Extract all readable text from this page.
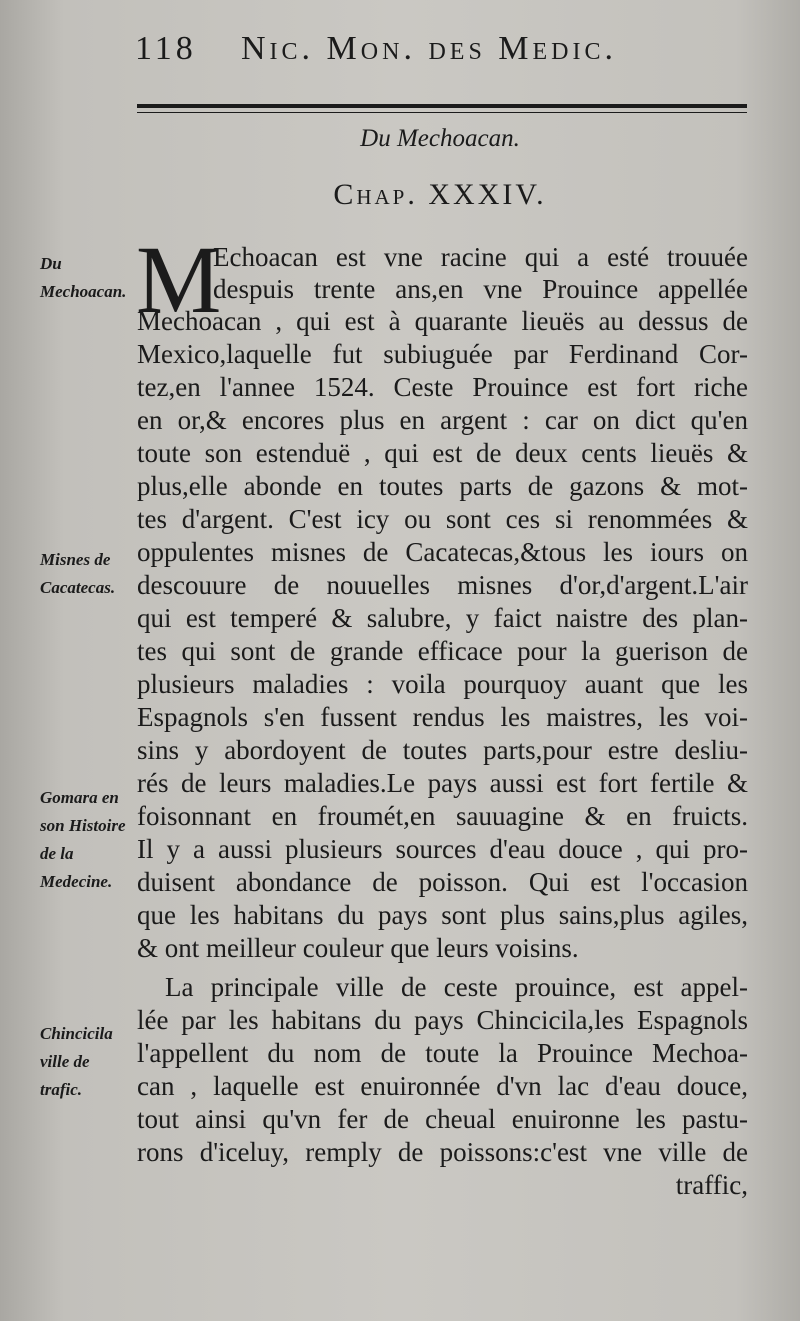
118 Nic. Mon. des Medic.
Du Mechoacan.
Chap. XXXIV.
Du Mechoacan.
Misnes de Cacatecas.
Gomara en son Histoire de la Medecine.
Chincicila ville de trafic.
M
Echoacan est vne racine qui a esté trouuée
despuis trente ans,en vne Prouince appellée
Mechoacan , qui est à quarante lieuës au dessus de
Mexico,laquelle fut subiuguée par Ferdinand Cor-
tez,en l'annee 1524. Ceste Prouince est fort riche
en or,& encores plus en argent : car on dict qu'en
toute son estenduë , qui est de deux cents lieuës &
plus,elle abonde en toutes parts de gazons & mot-
tes d'argent. C'est icy ou sont ces si renommées &
oppulentes misnes de Cacatecas,&tous les iours on
descouure de nouuelles misnes d'or,d'argent.L'air
qui est temperé & salubre, y faict naistre des plan-
tes qui sont de grande efficace pour la guerison de
plusieurs maladies : voila pourquoy auant que les
Espagnols s'en fussent rendus les maistres, les voi-
sins y abordoyent de toutes parts,pour estre desliu-
rés de leurs maladies.Le pays aussi est fort fertile &
foisonnant en froumét,en sauuagine & en fruicts.
Il y a aussi plusieurs sources d'eau douce , qui pro-
duisent abondance de poisson. Qui est l'occasion
que les habitans du pays sont plus sains,plus agiles,
& ont meilleur couleur que leurs voisins.
La principale ville de ceste prouince, est appel-
lée par les habitans du pays Chincicila,les Espagnols
l'appellent du nom de toute la Prouince Mechoa-
can , laquelle est enuironnée d'vn lac d'eau douce,
tout ainsi qu'vn fer de cheual enuironne les pastu-
rons d'iceluy, remply de poissons:c'est vne ville de
traffic,
